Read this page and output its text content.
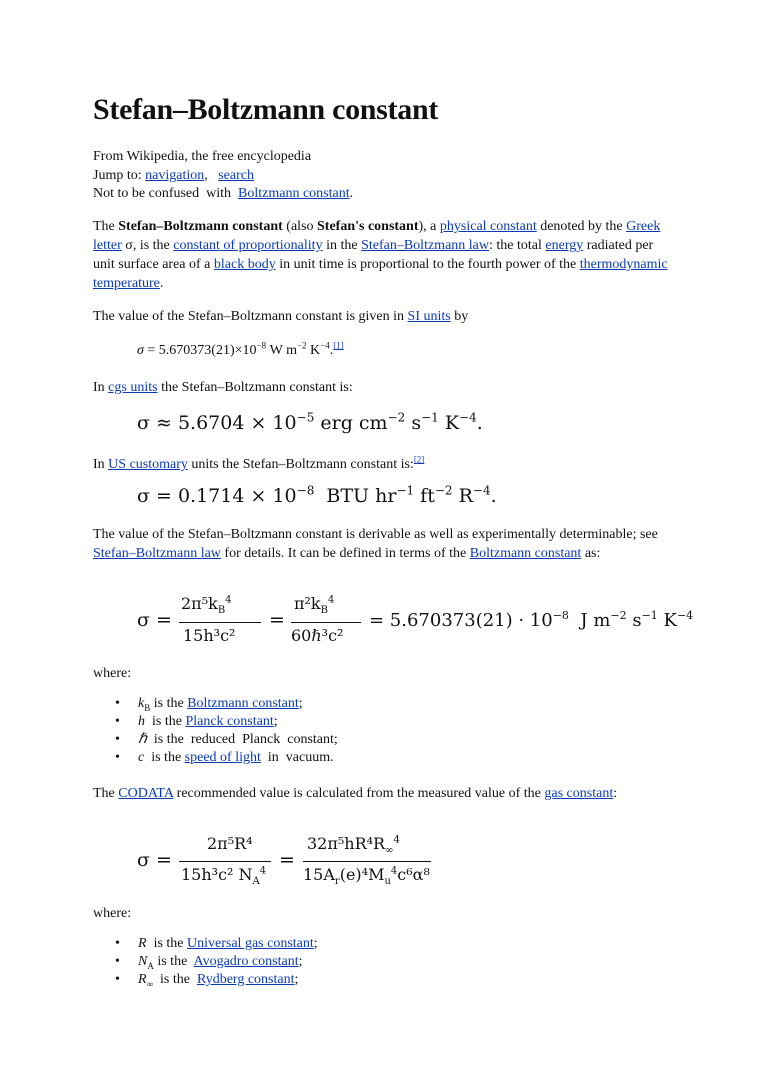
Stefan–Boltzmann constant
From Wikipedia, the free encyclopedia
Jump to: navigation,   search
Not to be confused  with  Boltzmann constant.

The Stefan–Boltzmann constant (also Stefan's constant), a physical constant denoted by the Greek letter σ, is the constant of proportionality in the Stefan–Boltzmann law: the total energy radiated per unit surface area of a black body in unit time is proportional to the fourth power of the thermodynamic temperature.

The value of the Stefan–Boltzmann constant is given in SI units by
$\sigma = 5.670373(21)\times 10^{-8}$ W $m^{-2}$ $K^{-4}.[1]$
In cgs units the Stefan–Boltzmann constant is:
$\sigma \approx 5.6704 \times 10^{-5}$ erg $cm^{-2}$ $s^{-1}$ $K^{-4}$.
In US customary units the Stefan–Boltzmann constant is:[2]
$\sigma = 0.1714 \times 10^{-8}$  BTU $hr^{-1}$ $ft^{-2}$ $R^{-4}$.

The value of the Stefan–Boltzmann constant is derivable as well as experimentally determinable; see Stefan–Boltzmann law for details. It can be defined in terms of the Boltzmann constant as:

σ =
$2\pi^5k_B^4$
15h³c²
=
$\pi^2k_B^4$
60ℏ³c²
= $5.670373(21) \cdot 10^{-8}$  J $m^{-2}$ $s^{-1}$ $K^{-4}$
where:
• $k_B$ is the Boltzmann constant;
• h  is the Planck constant;
• ℏ  is the  reduced  Planck  constant;
• c  is the speed of light  in  vacuum.

The CODATA recommended value is calculated from the measured value of the gas constant:

σ =
2π⁵R⁴
15h³c² $N_A^4$
=
$32\pi^5hR^4R_\infty^4$
$15A_r(e)^4M_u^4c^6\alpha^8$
where:
• R  is the Universal gas constant;
• $N_A$ is the  Avogadro constant;
• $R_\infty$  is the  Rydberg constant;
